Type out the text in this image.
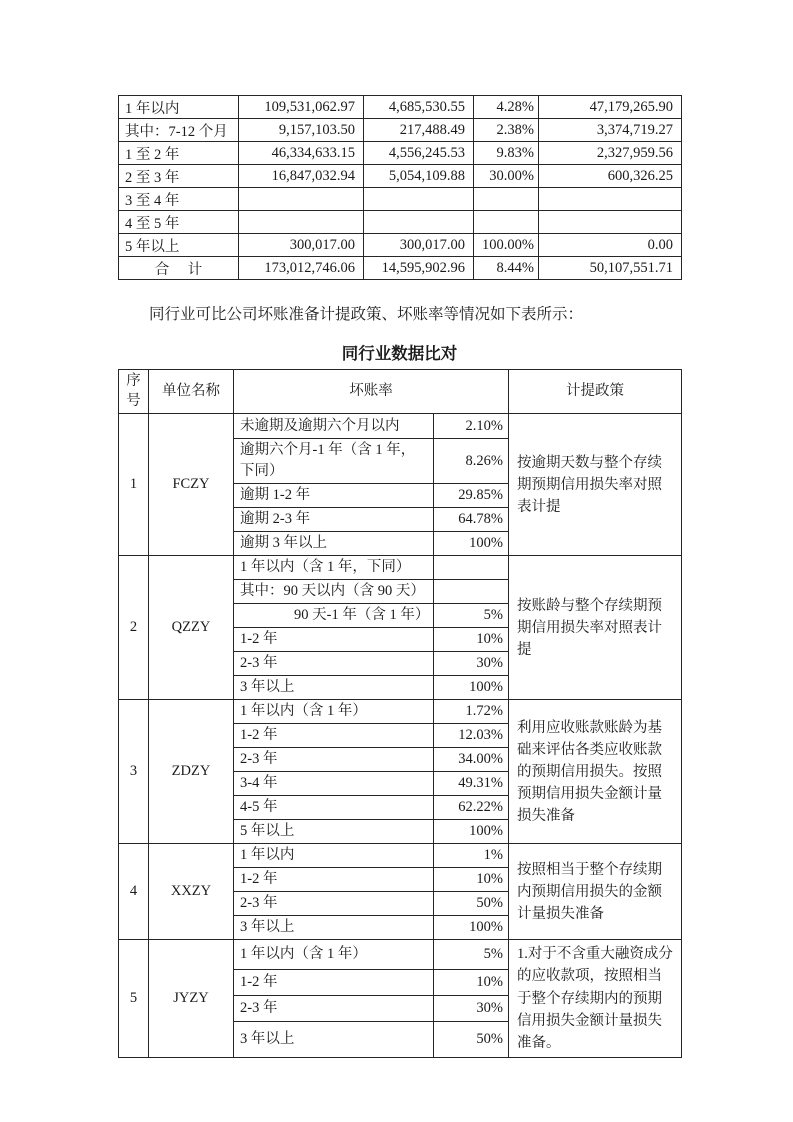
1 年以内	109,531,062.97	4,685,530.55	4.28%	47,179,265.90
其中：7-12 个月	9,157,103.50	217,488.49	2.38%	3,374,719.27
1 至 2 年	46,334,633.15	4,556,245.53	9.83%	2,327,959.56
2 至 3 年	16,847,032.94	5,054,109.88	30.00%	600,326.25
3 至 4 年				
4 至 5 年				
5 年以上	300,017.00	300,017.00	100.00%	0.00
合　计	173,012,746.06	14,595,902.96	8.44%	50,107,551.71
同行业可比公司坏账准备计提政策、坏账率等情况如下表所示：
同行业数据比对
序号	单位名称	坏账率		计提政策
1	FCZY	未逾期及逾期六个月以内	2.10%	按逾期天数与整个存续期预期信用损失率对照表计提
		逾期六个月-1 年（含 1 年，下同）	8.26%	
		逾期 1-2 年	29.85%	
		逾期 2-3 年	64.78%	
		逾期 3 年以上	100%	
2	QZZY	1 年以内（含 1 年，下同）		按账龄与整个存续期预期信用损失率对照表计提
		其中：90 天以内（含 90 天）		
		90 天-1 年（含 1 年）	5%	
		1-2 年	10%	
		2-3 年	30%	
		3 年以上	100%	
3	ZDZY	1 年以内（含 1 年）	1.72%	利用应收账款账龄为基础来评估各类应收账款的预期信用损失。按照预期信用损失金额计量损失准备
		1-2 年	12.03%	
		2-3 年	34.00%	
		3-4 年	49.31%	
		4-5 年	62.22%	
		5 年以上	100%	
4	XXZY	1 年以内	1%	按照相当于整个存续期内预期信用损失的金额计量损失准备
		1-2 年	10%	
		2-3 年	50%	
		3 年以上	100%	
5	JYZY	1 年以内（含 1 年）	5%	1.对于不含重大融资成分的应收款项，按照相当于整个存续期内的预期信用损失金额计量损失准备。
		1-2 年	10%	
		2-3 年	30%	
		3 年以上	50%	
